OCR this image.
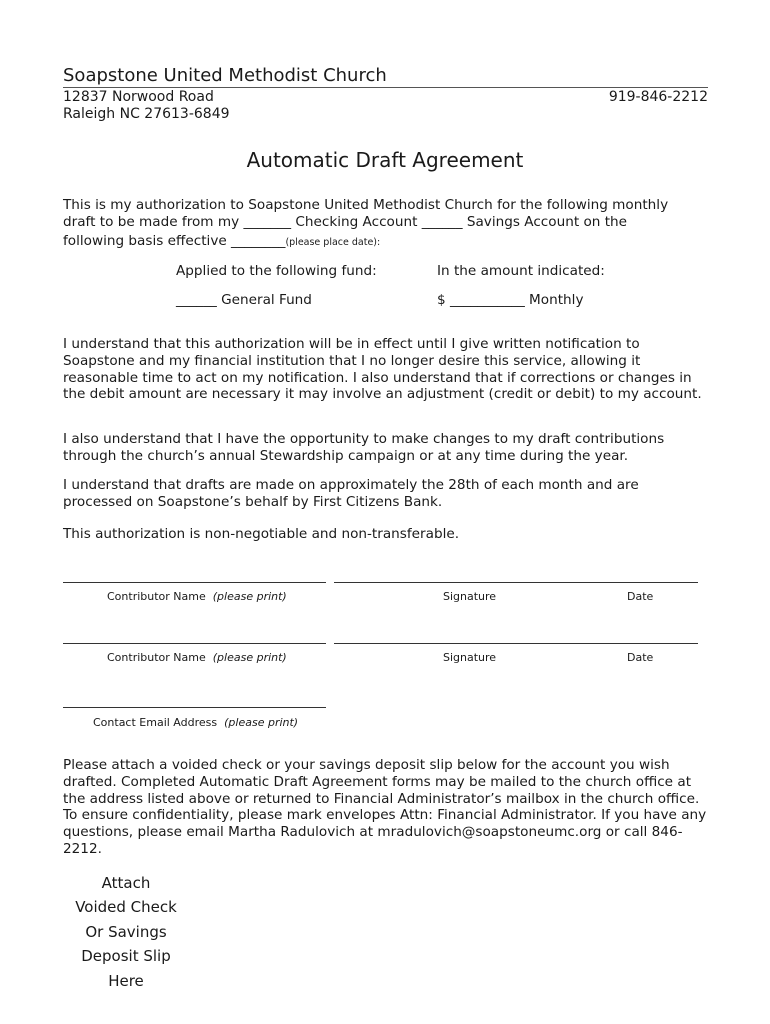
Soapstone United Methodist Church
12837 Norwood Road
Raleigh NC 27613-6849
919-846-2212
Automatic Draft Agreement
This is my authorization to Soapstone United Methodist Church for the following monthly
draft to be made from my _______ Checking Account ______ Savings Account on the
following basis effective ________(please place date):
Applied to the following fund:	In the amount indicated:
______ General Fund	$ ___________ Monthly
I understand that this authorization will be in effect until I give written notification to Soapstone and my financial institution that I no longer desire this service, allowing it reasonable time to act on my notification. I also understand that if corrections or changes in the debit amount are necessary it may involve an adjustment (credit or debit) to my account.
I also understand that I have the opportunity to make changes to my draft contributions through the church’s annual Stewardship campaign or at any time during the year.
I understand that drafts are made on approximately the 28th of each month and are processed on Soapstone’s behalf by First Citizens Bank.
This authorization is non-negotiable and non-transferable.
Contributor Name (please print)	Signature	Date
Contributor Name (please print)	Signature	Date
Contact Email Address (please print)
Please attach a voided check or your savings deposit slip below for the account you wish drafted. Completed Automatic Draft Agreement forms may be mailed to the church office at the address listed above or returned to Financial Administrator’s mailbox in the church office. To ensure confidentiality, please mark envelopes Attn: Financial Administrator. If you have any questions, please email Martha Radulovich at mradulovich@soapstoneumc.org or call 846-2212.
Attach
Voided Check
Or Savings
Deposit Slip
Here
